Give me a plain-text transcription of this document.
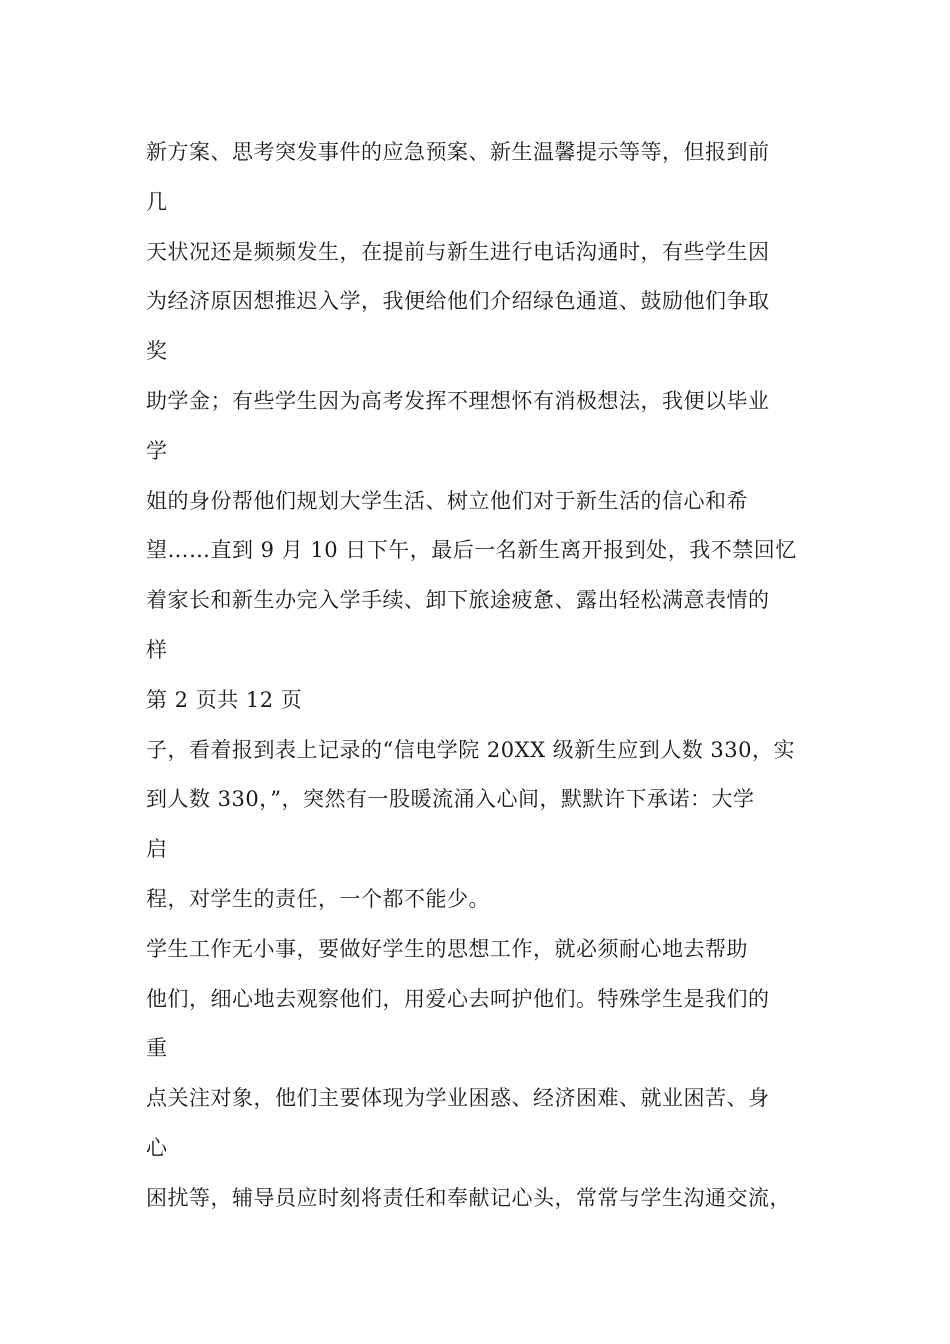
新方案、思考突发事件的应急预案、新生温馨提示等等，但报到前
几
天状况还是频频发生，在提前与新生进行电话沟通时，有些学生因
为经济原因想推迟入学，我便给他们介绍绿色通道、鼓励他们争取
奖
助学金；有些学生因为高考发挥不理想怀有消极想法，我便以毕业
学
姐的身份帮他们规划大学生活、树立他们对于新生活的信心和希
望……直到 9 月 10 日下午，最后一名新生离开报到处，我不禁回忆
着家长和新生办完入学手续、卸下旅途疲惫、露出轻松满意表情的
样
第 2 页共 12 页
子，看着报到表上记录的“信电学院 20XX 级新生应到人数 330，实
到人数 330，”，突然有一股暖流涌入心间，默默许下承诺：大学
启
程，对学生的责任，一个都不能少。
学生工作无小事，要做好学生的思想工作，就必须耐心地去帮助
他们，细心地去观察他们，用爱心去呵护他们。特殊学生是我们的
重
点关注对象，他们主要体现为学业困惑、经济困难、就业困苦、身
心
困扰等，辅导员应时刻将责任和奉献记心头，常常与学生沟通交流，
